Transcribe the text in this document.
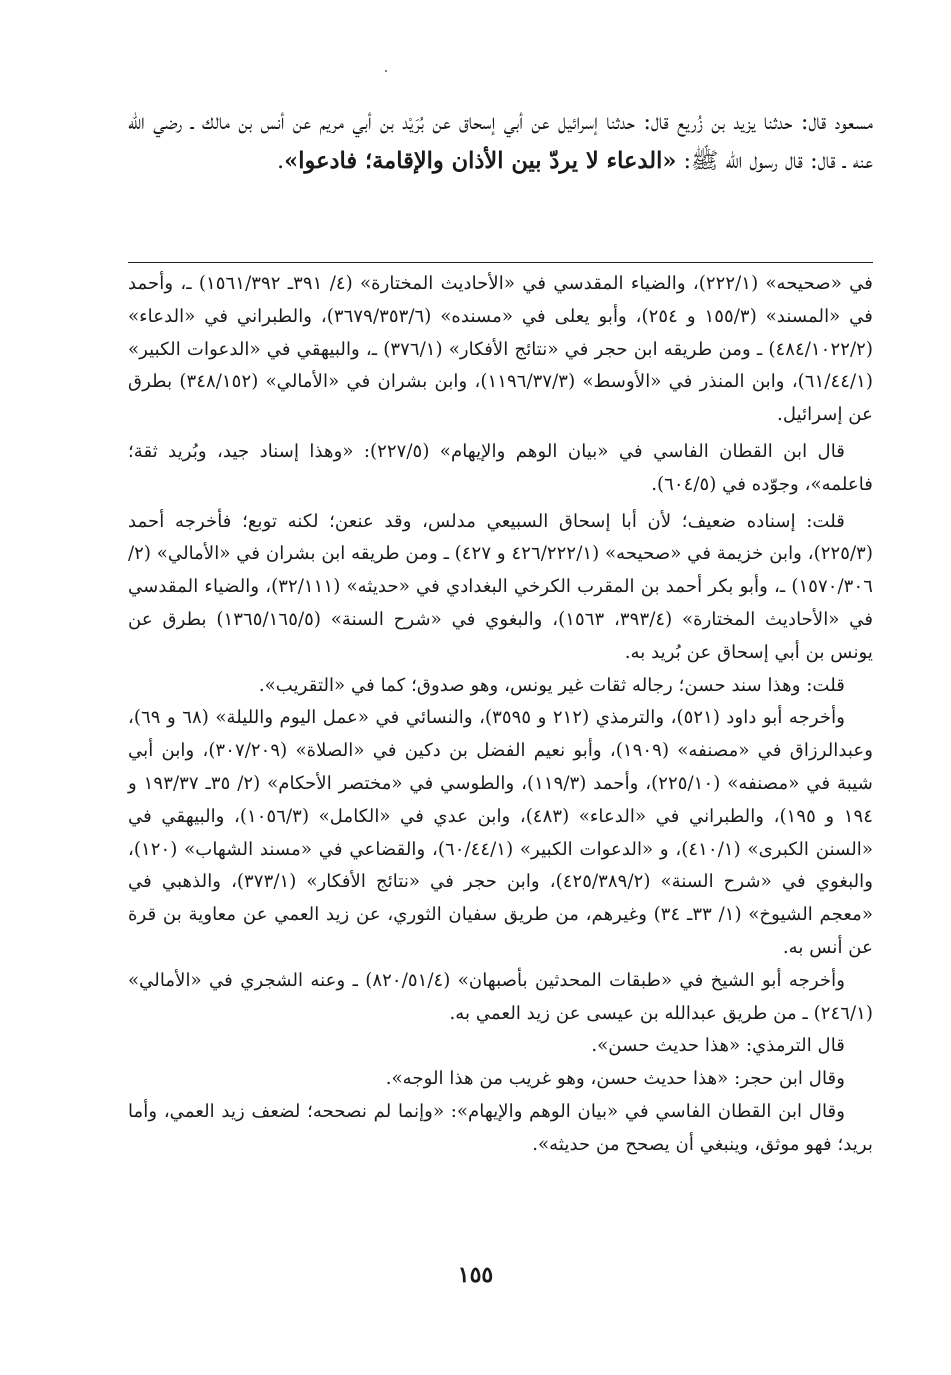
مسعود قال: حدثنا يزيد بن زُريع قال: حدثنا إسرائيل عن أبي إسحاق عن بُرَيْد بن أبي مريم عن أنس بن مالك ـ رضي الله عنه ـ قال: قال رسول الله ﷺ: «الدعاء لا يردّ بين الأذان والإقامة؛ فادعوا».

في «صحيحه» (٢٢٢/١)، والضياء المقدسي في «الأحاديث المختارة» (٤/ ٣٩١ـ ١٥٦١/٣٩٢) ـ، وأحمد في «المسند» (١٥٥/٣ و ٢٥٤)، وأبو يعلى في «مسنده» (٣٦٧٩/٣٥٣/٦)، والطبراني في «الدعاء» (٤٨٤/١٠٢٢/٢) ـ ومن طريقه ابن حجر في «نتائج الأفكار» (٣٧٦/١) ـ، والبيهقي في «الدعوات الكبير» (٦١/٤٤/١)، وابن المنذر في «الأوسط» (١١٩٦/٣٧/٣)، وابن بشران في «الأمالي» (٣٤٨/١٥٢) بطرق عن إسرائيل.

قال ابن القطان الفاسي في «بيان الوهم والإيهام» (٢٢٧/٥): «وهذا إسناد جيد، وبُريد ثقة؛ فاعلمه»، وجوّده في (٦٠٤/٥).

قلت: إسناده ضعيف؛ لأن أبا إسحاق السبيعي مدلس، وقد عنعن؛ لكنه توبع؛ فأخرجه أحمد (٢٢٥/٣)، وابن خزيمة في «صحيحه» (٤٢٦/٢٢٢/١ و ٤٢٧) ـ ومن طريقه ابن بشران في «الأمالي» (٢/ ١٥٧٠/٣٠٦) ـ، وأبو بكر أحمد بن المقرب الكرخي البغدادي في «حديثه» (٣٢/١١١)، والضياء المقدسي في «الأحاديث المختارة» (٣٩٣/٤، ١٥٦٣)، والبغوي في «شرح السنة» (١٣٦٥/١٦٥/٥) بطرق عن يونس بن أبي إسحاق عن بُريد به.

قلت: وهذا سند حسن؛ رجاله ثقات غير يونس، وهو صدوق؛ كما في «التقريب».

وأخرجه أبو داود (٥٢١)، والترمذي (٢١٢ و ٣٥٩٥)، والنسائي في «عمل اليوم والليلة» (٦٨ و ٦٩)، وعبدالرزاق في «مصنفه» (١٩٠٩)، وأبو نعيم الفضل بن دكين في «الصلاة» (٣٠٧/٢٠٩)، وابن أبي شيبة في «مصنفه» (٢٢٥/١٠)، وأحمد (١١٩/٣)، والطوسي في «مختصر الأحكام» (٢/ ٣٥ـ ١٩٣/٣٧ و ١٩٤ و ١٩٥)، والطبراني في «الدعاء» (٤٨٣)، وابن عدي في «الكامل» (١٠٥٦/٣)، والبيهقي في «السنن الكبرى» (٤١٠/١)، و «الدعوات الكبير» (٦٠/٤٤/١)، والقضاعي في «مسند الشهاب» (١٢٠)، والبغوي في «شرح السنة» (٤٢٥/٣٨٩/٢)، وابن حجر في «نتائج الأفكار» (٣٧٣/١)، والذهبي في «معجم الشيوخ» (١/ ٣٣ـ ٣٤) وغيرهم، من طريق سفيان الثوري، عن زيد العمي عن معاوية بن قرة عن أنس به.

وأخرجه أبو الشيخ في «طبقات المحدثين بأصبهان» (٨٢٠/٥١/٤) ـ وعنه الشجري في «الأمالي» (٢٤٦/١) ـ من طريق عبدالله بن عيسى عن زيد العمي به.

قال الترمذي: «هذا حديث حسن».

وقال ابن حجر: «هذا حديث حسن، وهو غريب من هذا الوجه».

وقال ابن القطان الفاسي في «بيان الوهم والإيهام»: «وإنما لم نصححه؛ لضعف زيد العمي، وأما بريد؛ فهو موثق، وينبغي أن يصحح من حديثه».

١٥٥
